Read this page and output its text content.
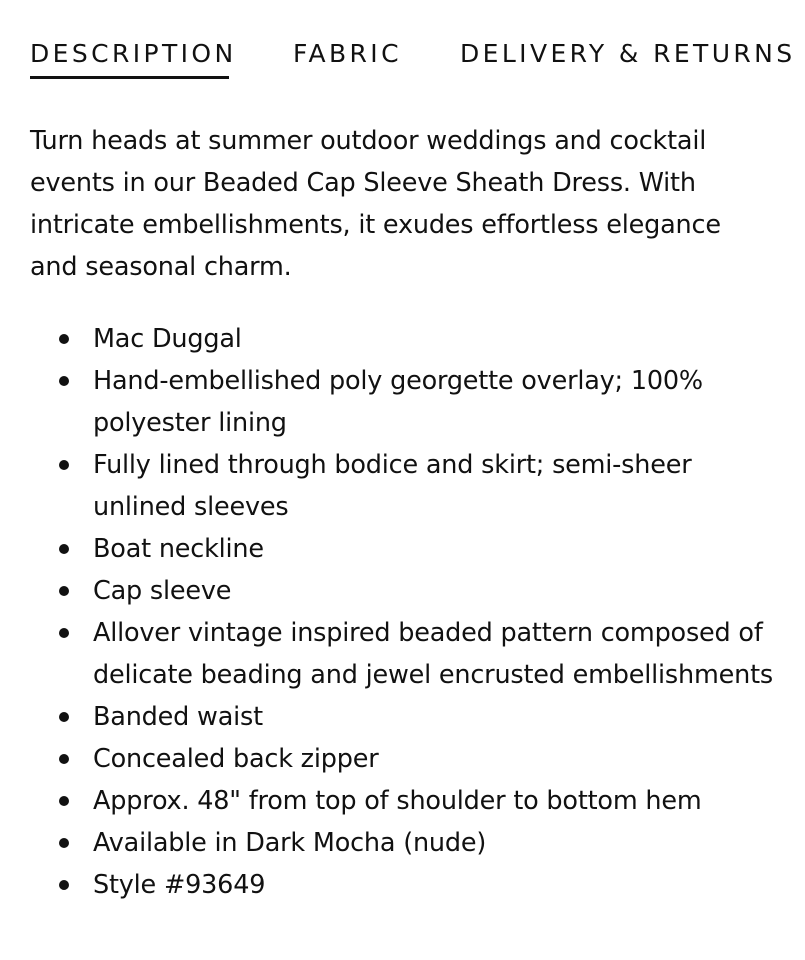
DESCRIPTION FABRIC DELIVERY & RETURNS

Turn heads at summer outdoor weddings and cocktail events in our Beaded Cap Sleeve Sheath Dress. With intricate embellishments, it exudes effortless elegance and seasonal charm.

Mac Duggal
Hand-embellished poly georgette overlay; 100% polyester lining
Fully lined through bodice and skirt; semi-sheer unlined sleeves
Boat neckline
Cap sleeve
Allover vintage inspired beaded pattern composed of delicate beading and jewel encrusted embellishments
Banded waist
Concealed back zipper
Approx. 48" from top of shoulder to bottom hem
Available in Dark Mocha (nude)
Style #93649
